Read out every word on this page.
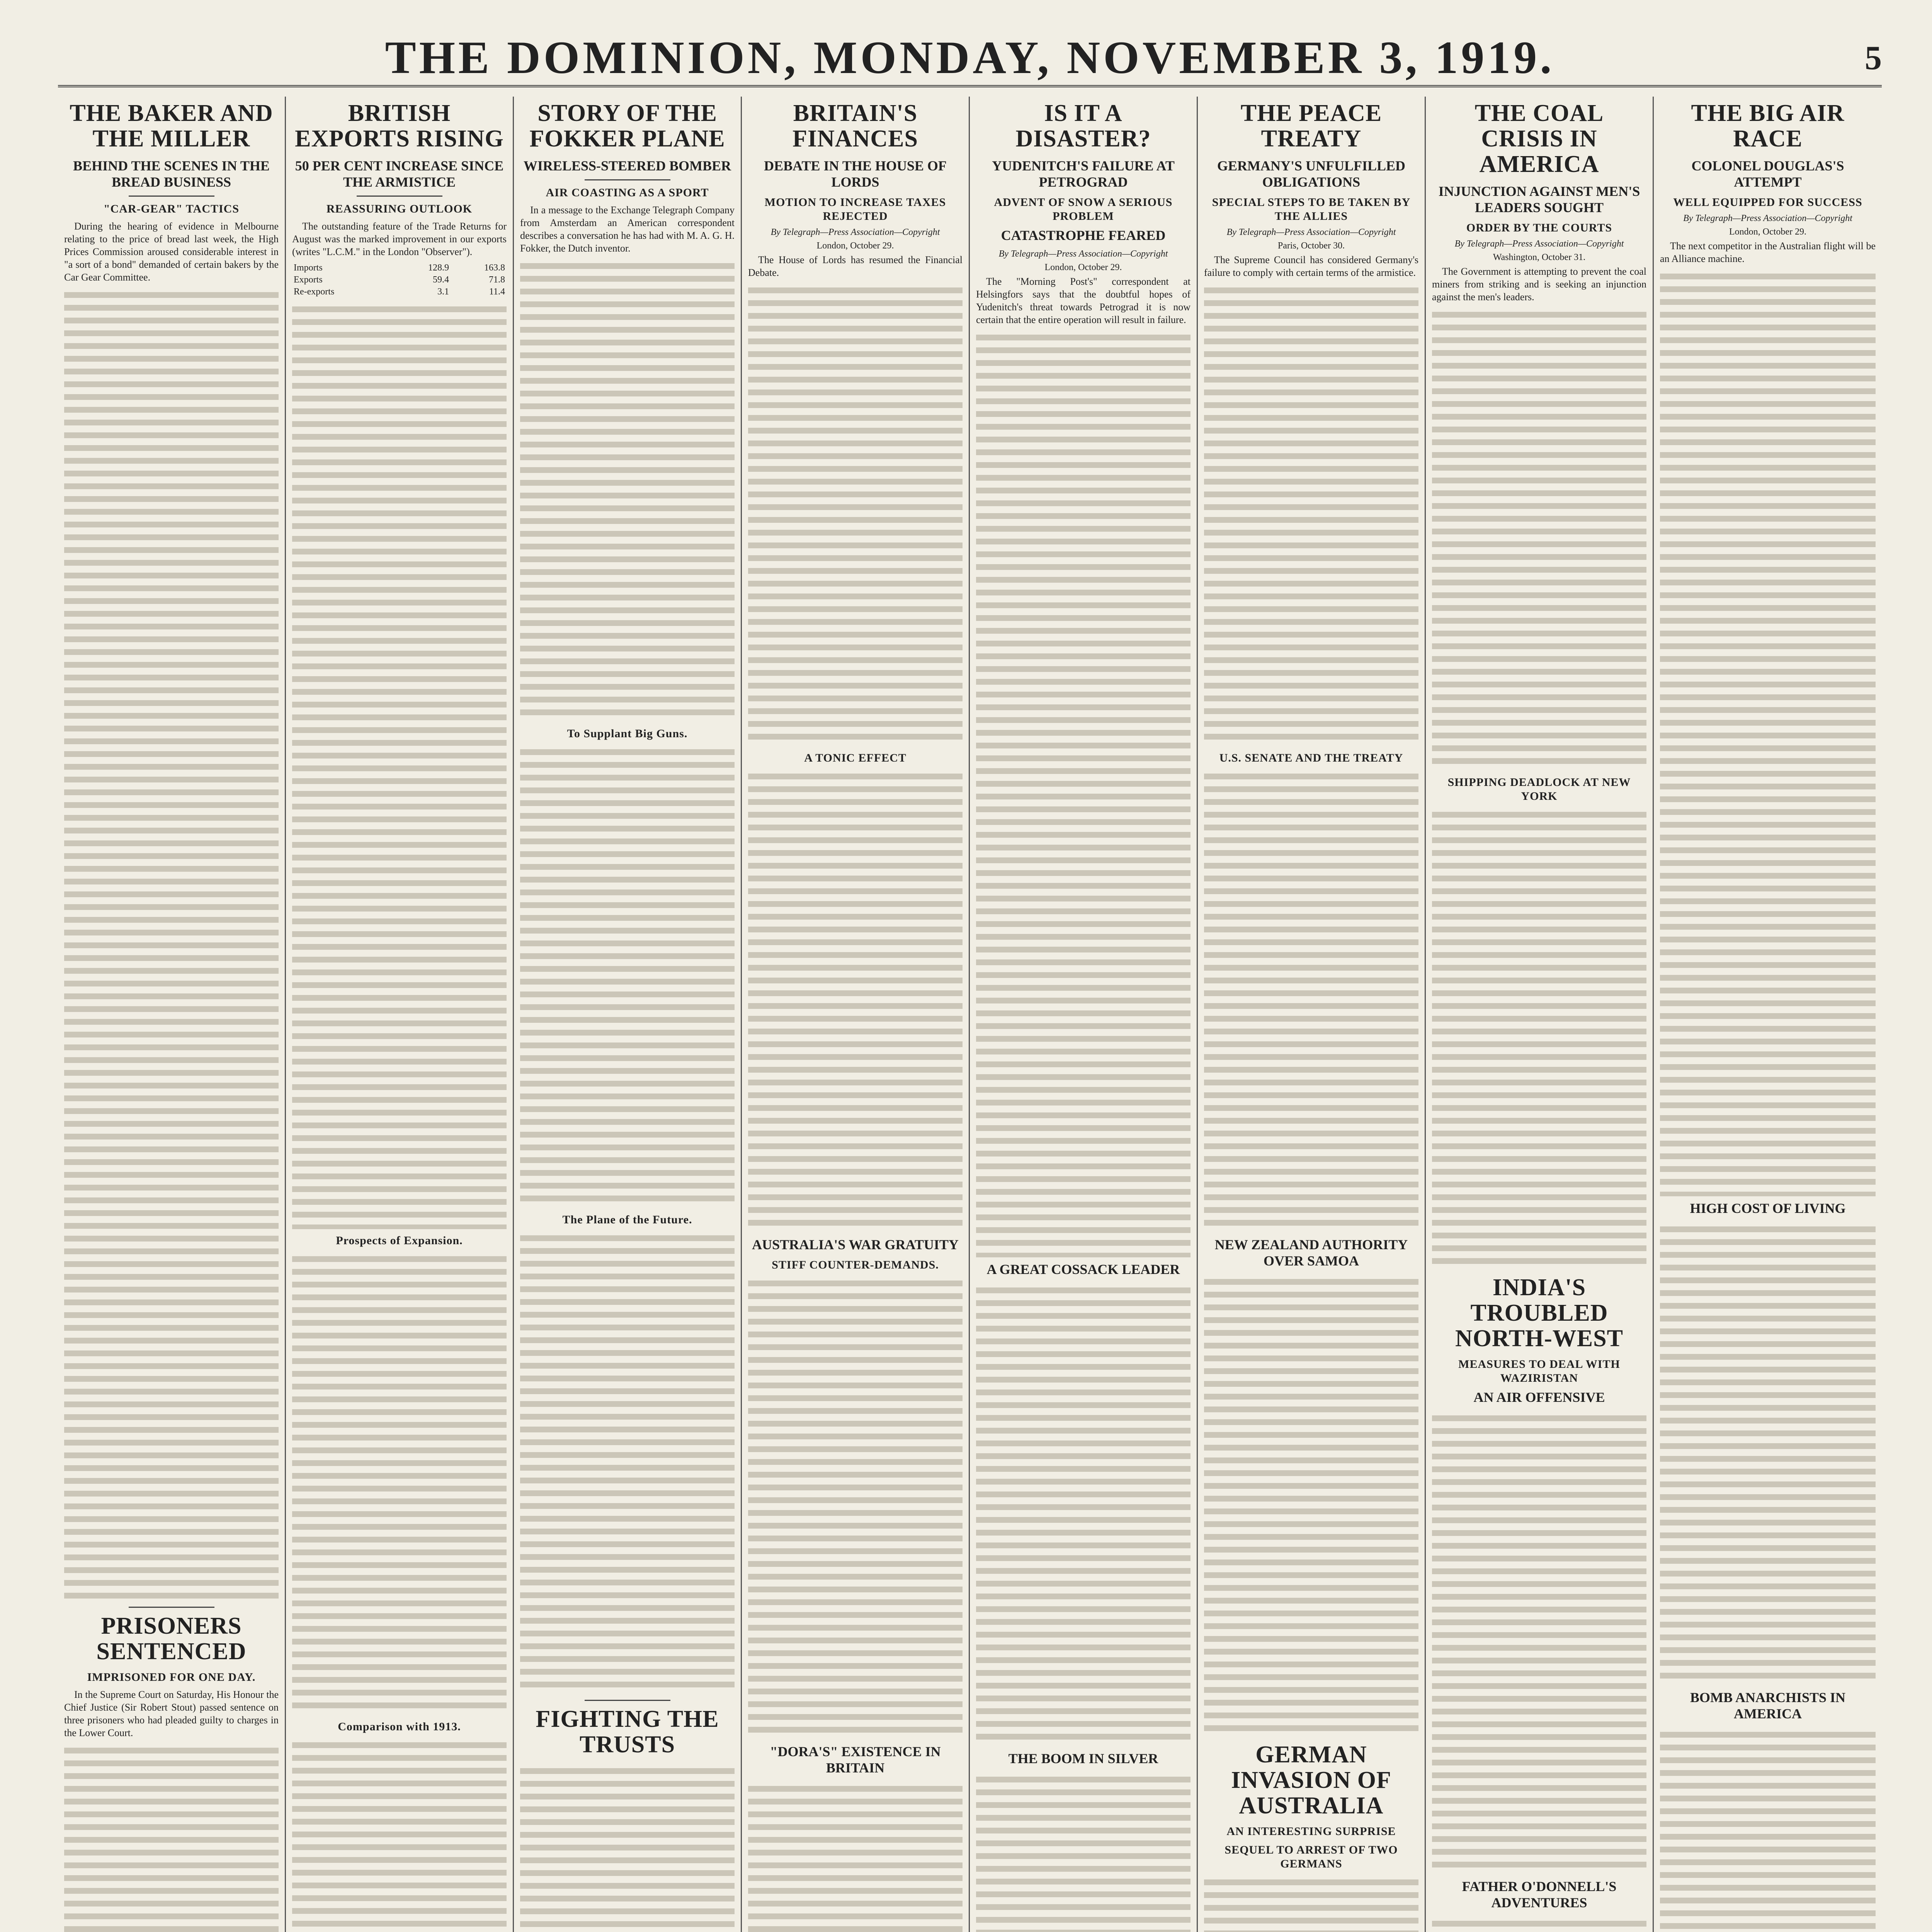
THE DOMINION, MONDAY, NOVEMBER 3, 1919.	5
THE BAKER AND THE MILLER
BEHIND THE SCENES IN THE BREAD BUSINESS
"CAR-GEAR" TACTICS

During the hearing of evidence in Melbourne relating to the price of bread last week, the High Prices Commission aroused considerable interest in "a sort of a bond" demanded of certain bakers by the Car Gear Committee.

PRISONERS SENTENCED
IMPRISONED FOR ONE DAY.

In the Supreme Court on Saturday, His Honour the Chief Justice (Sir Robert Stout) passed sentence on three prisoners who had pleaded guilty to charges in the Lower Court.

BRITISH EXPORTS RISING
50 PER CENT INCREASE SINCE THE ARMISTICE
REASSURING OUTLOOK

The outstanding feature of the Trade Returns for August was the marked improvement in our exports (writes "L.C.M." in the London "Observer").

Imports	128.9	163.8
Exports	59.4	71.8
Re-exports	3.1	11.4
Prospects of Expansion.
Comparison with 1913.
STORY OF THE FOKKER PLANE
WIRELESS-STEERED BOMBER
AIR COASTING AS A SPORT

In a message to the Exchange Telegraph Company from Amsterdam an American correspondent describes a conversation he has had with M. A. G. H. Fokker, the Dutch inventor.

To Supplant Big Guns.
The Plane of the Future.
FIGHTING THE TRUSTS
BRITAIN'S FINANCES
DEBATE IN THE HOUSE OF LORDS
MOTION TO INCREASE TAXES REJECTED
By Telegraph—Press Association—Copyright
London, October 29.

The House of Lords has resumed the Financial Debate.

A TONIC EFFECT
AUSTRALIA'S WAR GRATUITY
STIFF COUNTER-DEMANDS.
"DORA'S" EXISTENCE IN BRITAIN
IS IT A DISASTER?
YUDENITCH'S FAILURE AT PETROGRAD
ADVENT OF SNOW A SERIOUS PROBLEM
CATASTROPHE FEARED
By Telegraph—Press Association—Copyright
London, October 29.

The "Morning Post's" correspondent at Helsingfors says that the doubtful hopes of Yudenitch's threat towards Petrograd it is now certain that the entire operation will result in failure.

A GREAT COSSACK LEADER
THE BOOM IN SILVER
THE PEACE TREATY
GERMANY'S UNFULFILLED OBLIGATIONS
SPECIAL STEPS TO BE TAKEN BY THE ALLIES
By Telegraph—Press Association—Copyright
Paris, October 30.

The Supreme Council has considered Germany's failure to comply with certain terms of the armistice.

U.S. SENATE AND THE TREATY
NEW ZEALAND AUTHORITY OVER SAMOA
GERMAN INVASION OF AUSTRALIA
AN INTERESTING SURPRISE
SEQUEL TO ARREST OF TWO GERMANS
THE COAL CRISIS IN AMERICA
INJUNCTION AGAINST MEN'S LEADERS SOUGHT
ORDER BY THE COURTS
By Telegraph—Press Association—Copyright
Washington, October 31.

The Government is attempting to prevent the coal miners from striking and is seeking an injunction against the men's leaders.

SHIPPING DEADLOCK AT NEW YORK
INDIA'S TROUBLED NORTH-WEST
MEASURES TO DEAL WITH WAZIRISTAN
AN AIR OFFENSIVE
FATHER O'DONNELL'S ADVENTURES
THE BIG AIR RACE
COLONEL DOUGLAS'S ATTEMPT
WELL EQUIPPED FOR SUCCESS
By Telegraph—Press Association—Copyright
London, October 29.

The next competitor in the Australian flight will be an Alliance machine.

HIGH COST OF LIVING
BOMB ANARCHISTS IN AMERICA
